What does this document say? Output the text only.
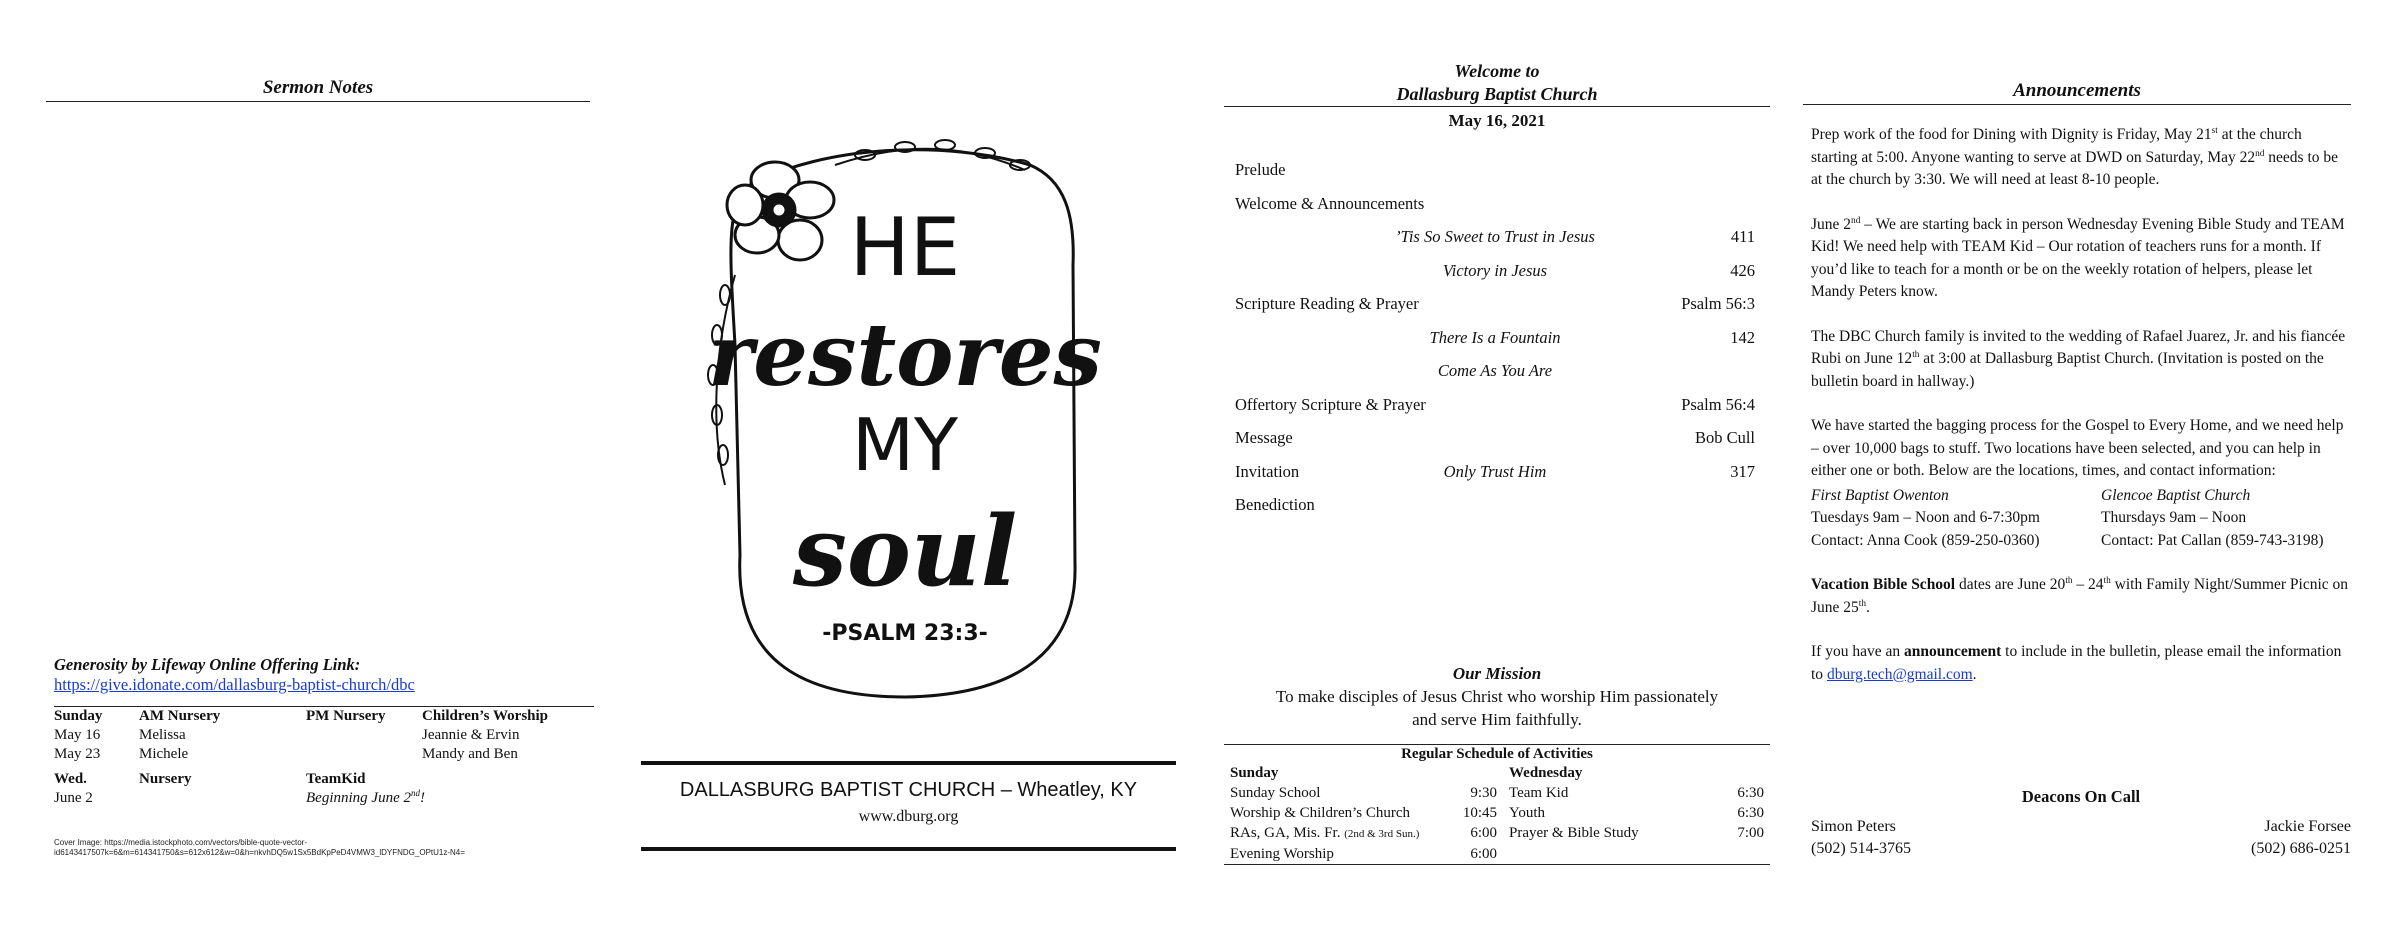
Sermon Notes
Generosity by Lifeway Online Offering Link:
https://give.idonate.com/dallasburg-baptist-church/dbc
Sunday	AM Nursery	PM Nursery	Children’s Worship
May 16	Melissa		Jeannie & Ervin
May 23	Michele		Mandy and Ben

Wed.	Nursery	TeamKid	
June 2		Beginning June 2nd!	
Cover Image: https://media.istockphoto.com/vectors/bible-quote-vector-id6143417507k=6&m=614341750&s=612x612&w=0&h=nkvhDQ5w1Sx5BdKpPeD4VMW3_lDYFNDG_OPtU1z-N4=
HE
restores
MY
soul
-PSALM 23:3-
DALLASBURG BAPTIST CHURCH – Wheatley, KY
www.dburg.org
Welcome to
Dallasburg Baptist Church
May 16, 2021
Prelude
Welcome & Announcements
’Tis So Sweet to Trust in Jesus	411
Victory in Jesus	426
Scripture Reading & Prayer	Psalm 56:3
There Is a Fountain	142
Come As You Are
Offertory Scripture & Prayer	Psalm 56:4
Message	Bob Cull
Invitation	Only Trust Him	317
Benediction
Our Mission
To make disciples of Jesus Christ who worship Him passionately
and serve Him faithfully.
Regular Schedule of Activities
Sunday		Wednesday	
Sunday School	9:30	Team Kid	6:30
Worship & Children’s Church	10:45	Youth	6:30
RAs, GA, Mis. Fr. (2nd & 3rd Sun.)	6:00	Prayer & Bible Study	7:00
Evening Worship	6:00		
Announcements

Prep work of the food for Dining with Dignity is Friday, May 21st at the church starting at 5:00. Anyone wanting to serve at DWD on Saturday, May 22nd needs to be at the church by 3:30. We will need at least 8-10 people.

June 2nd – We are starting back in person Wednesday Evening Bible Study and TEAM Kid! We need help with TEAM Kid – Our rotation of teachers runs for a month. If you’d like to teach for a month or be on the weekly rotation of helpers, please let Mandy Peters know.

The DBC Church family is invited to the wedding of Rafael Juarez, Jr. and his fiancée Rubi on June 12th at 3:00 at Dallasburg Baptist Church. (Invitation is posted on the bulletin board in hallway.)

We have started the bagging process for the Gospel to Every Home, and we need help – over 10,000 bags to stuff. Two locations have been selected, and you can help in either one or both. Below are the locations, times, and contact information:

First Baptist Owenton	Glencoe Baptist Church
Tuesdays 9am – Noon and 6-7:30pm	Thursdays 9am – Noon
Contact: Anna Cook (859-250-0360)	Contact: Pat Callan (859-743-3198)

Vacation Bible School dates are June 20th – 24th with Family Night/Summer Picnic on June 25th.

If you have an announcement to include in the bulletin, please email the information to dburg.tech@gmail.com.

Deacons On Call
Simon Peters
(502) 514-3765
Jackie Forsee
(502) 686-0251
